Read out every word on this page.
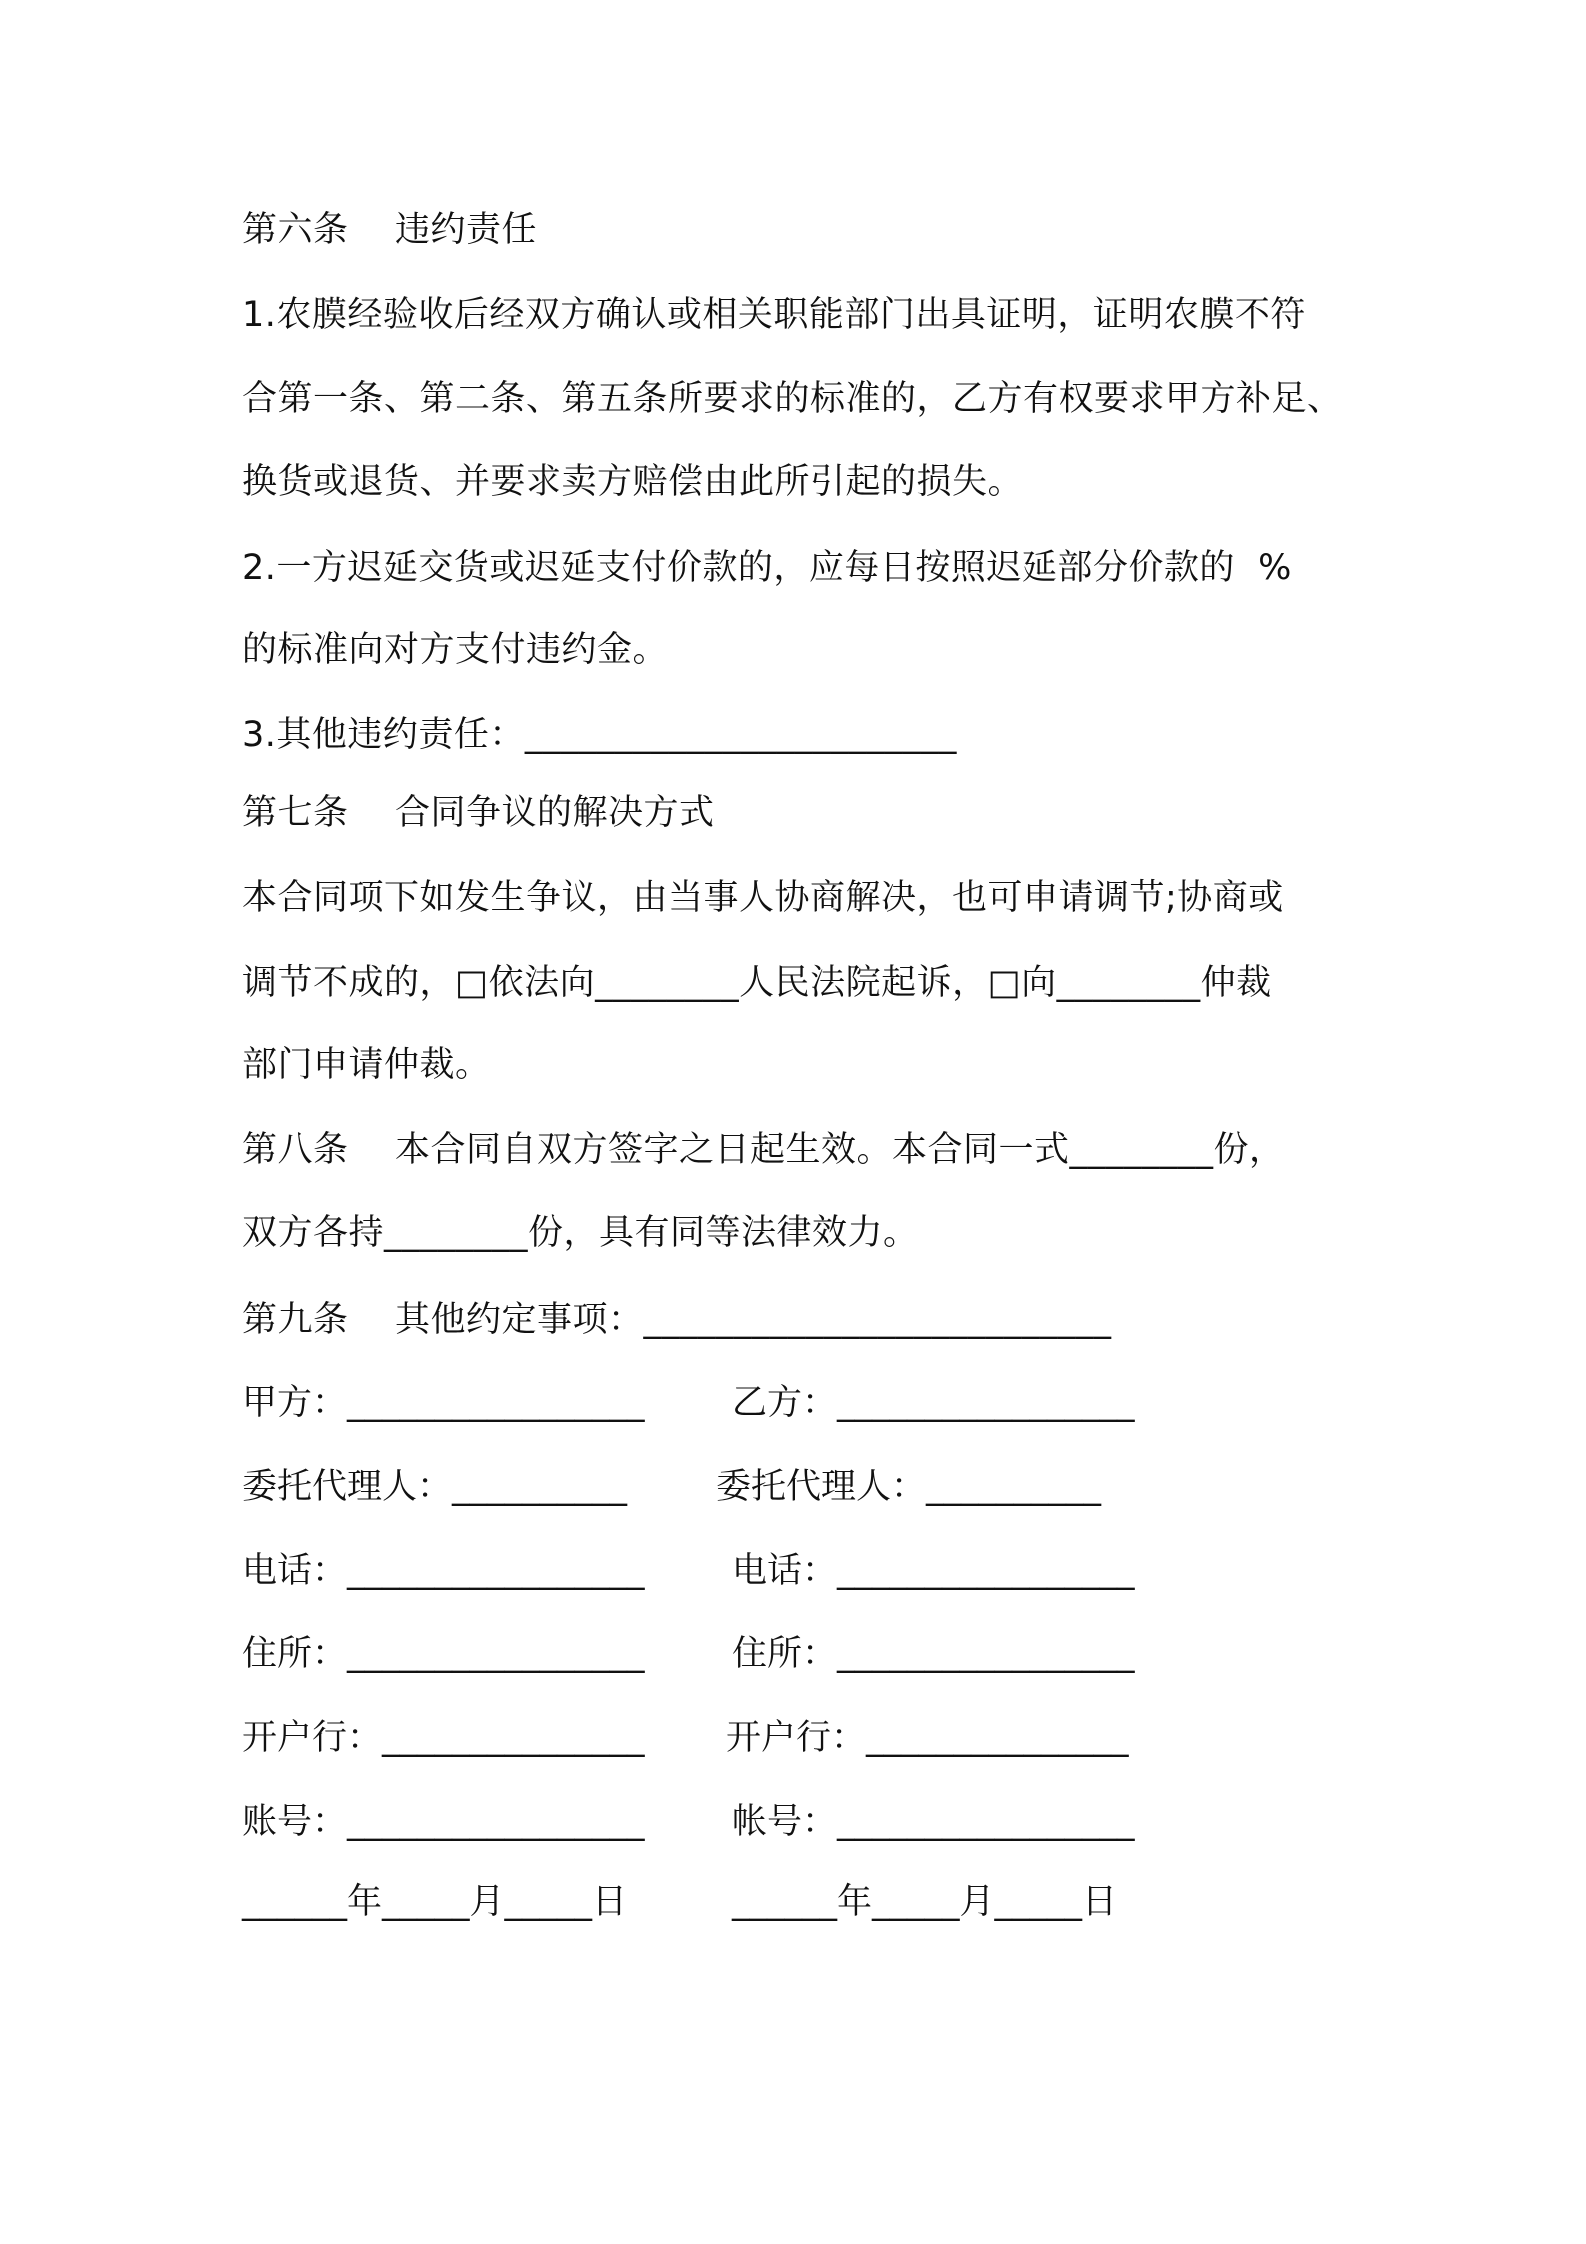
第六条    违约责任
1.农膜经验收后经双方确认或相关职能部门出具证明，证明农膜不符
合第一条、第二条、第五条所要求的标准的，乙方有权要求甲方补足、
换货或退货、并要求卖方赔偿由此所引起的损失。
2.一方迟延交货或迟延支付价款的，应每日按照迟延部分价款的  %
的标准向对方支付违约金。
3.其他违约责任：________________________
第七条    合同争议的解决方式
本合同项下如发生争议，由当事人协商解决，也可申请调节;协商或
调节不成的，□依法向________人民法院起诉，□向________仲裁
部门申请仲裁。
第八条    本合同自双方签字之日起生效。本合同一式________份，
双方各持________份，具有同等法律效力。
第九条    其他约定事项：__________________________
甲方：_________________ 乙方：_________________
委托代理人：__________	委托代理人：__________
电话：_________________ 电话：_________________
住所：_________________ 住所：_________________
开户行：_______________ 开户行：_______________
账号：_________________ 帐号：_________________
______年_____月_____日	______年_____月_____日
